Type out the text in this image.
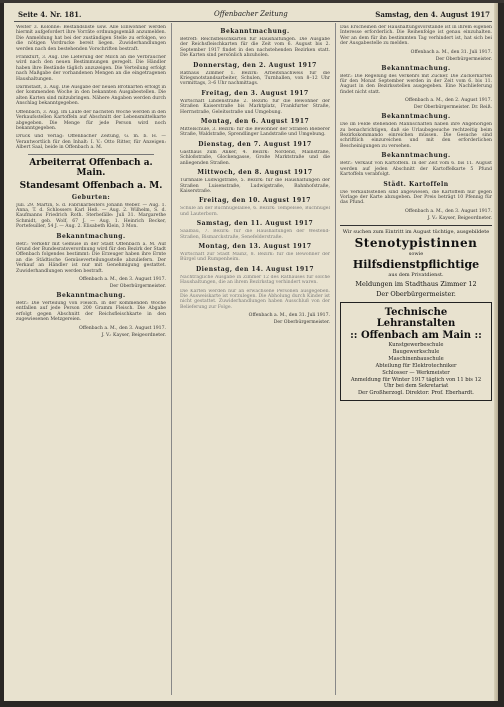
Seite 4. Nr. 181.	Offenbacher Zeitung	Samstag, den 4. August 1917

Weiter 3. Kolonne: Bestandsliste usw. Alle Einwohner werden hiermit aufgefordert ihre Vorräte ordnungsgemäß anzumelden. Die Anmeldung hat bei der zuständigen Stelle zu erfolgen, wo die nötigen Vordrucke bereit liegen. Zuwiderhandlungen werden nach den bestehenden Vorschriften bestraft.

Frankfurt, 3. Aug. Die Lieferung der Milch an die Verbraucher wird nach den neuen Bestimmungen geregelt. Die Händler haben ihre Bestände täglich anzuzeigen. Die Verteilung erfolgt nach Maßgabe der vorhandenen Mengen an die eingetragenen Haushaltungen.

Darmstadt, 3. Aug. Die Ausgabe der neuen Brotkarten erfolgt in der kommenden Woche in den bekannten Ausgabestellen. Die alten Karten sind mitzubringen. Nähere Angaben werden durch Anschlag bekanntgegeben.

Offenbach, 3. Aug. Im Laufe der nächsten Woche werden in den Verkaufsstellen Kartoffeln auf Abschnitt der Lebensmittelkarte abgegeben. Die Menge für jede Person wird noch bekanntgegeben.

Druck und Verlag: Offenbacher Zeitung, G. m. b. H. — Verantwortlich für den Inhalt: I. V.: Otto Ritter, für Anzeigen: Albert Saal, beide in Offenbach a. M.

Arbeiterrat Offenbach a. Main.
Standesamt Offenbach a. M.
Geburten:

Juli. 29. Martin, S. d. Fabrikarbeiters Johann Weber. — Aug. 1. Anna, T. d. Schlossers Karl Heß. — Aug. 2. Wilhelm, S. d. Kaufmanns Friedrich Roth. Sterbefälle: Juli 31. Margarethe Schmidt, geb. Wolf, 67 J. — Aug. 1. Heinrich Becker, Portefeuiller, 54 J. — Aug. 2. Elisabeth Klein, 3 Mon.

Bekanntmachung.

Betr.: Verkehr mit Gemüse in der Stadt Offenbach a. M. Auf Grund der Bundesratsverordnung wird für den Bezirk der Stadt Offenbach folgendes bestimmt: Die Erzeuger haben ihre Ernte an die Städtische Gemüseverteilungsstelle abzuliefern. Der Verkauf an Händler ist nur mit Genehmigung gestattet. Zuwiderhandlungen werden bestraft.

Offenbach a. M., den 3. August 1917.
Der Oberbürgermeister.
Bekanntmachung.

Betr.: Die Verteilung von Fleisch. In der kommenden Woche entfallen auf jede Person 200 Gramm Fleisch. Die Abgabe erfolgt gegen Abschnitt der Reichsfleischkarte in den zugewiesenen Metzgereien.

Offenbach a. M., den 3. August 1917.
J. V.: Kayser, Beigeordneter.
Bekanntmachung.

Betreff: Reichsfleischkarten für Haushaltungen. Die Ausgabe der Reichsfleischkarten für die Zeit vom 6. August bis 2. September 1917 findet in den nachstehenden Bezirken statt. Die Karten sind persönlich abzuholen.

Donnerstag, den 2. August 1917

Rathaus Zimmer 1. Bezirk: Arbeitsnachweis für die Kriegsnotstandsarbeiter, Schulen, Turnhallen, von 8–12 Uhr vormittags, 3–6 Uhr nachmittags.

Freitag, den 3. August 1917

Wirtschaft Lindenstraße 2. Bezirk: für die Bewohner der Straßen Kaiserstraße bis Marktplatz, Frankfurter Straße, Herrnstraße, Geleitsstraße und Umgebung.

Montag, den 6. August 1917

Mittelschule, 3. Bezirk: für die Bewohner der Straßen Bieberer Straße, Waldstraße, Sprendlinger Landstraße und Umgebung.

Dienstag, den 7. August 1917

Gasthaus zum Anker, 4. Bezirk: Nordend, Mainstraße, Schloßstraße, Glockengasse, Große Marktstraße und die anliegenden Straßen.

Mittwoch, den 8. August 1917

Turnhalle Ludwigstraße, 5. Bezirk: für die Haushaltungen der Straßen Luisenstraße, Ludwigstraße, Bahnhofstraße, Kaiserstraße.

Freitag, den 10. August 1917

Schule an der Buchhügelallee, 6. Bezirk: Tempelsee, Buchhügel und Lauterborn.

Samstag, den 11. August 1917

Saalbau, 7. Bezirk: für die Haushaltungen der Westend-Straßen, Bismarckstraße, Senefelderstraße.

Montag, den 13. August 1917

Wirtschaft zur Stadt Mainz, 8. Bezirk: für die Bewohner der Bürgel und Rumpenheim.

Dienstag, den 14. August 1917

Nachträgliche Ausgabe in Zimmer 12 des Rathauses für solche Haushaltungen, die an ihrem Bezirkstag verhindert waren.

Die Karten werden nur an erwachsene Personen ausgegeben. Die Ausweiskarte ist vorzulegen. Die Abholung durch Kinder ist nicht gestattet. Zuwiderhandlungen haben Ausschluß von der Belieferung zur Folge.

Offenbach a. M., den 31. Juli 1917.
Der Oberbürgermeister.

Das Erscheinen der Haushaltungsvorstände ist in ihrem eigenen Interesse erforderlich. Die Reihenfolge ist genau einzuhalten. Wer an dem für ihn bestimmten Tag verhindert ist, hat sich bei der Ausgabestelle zu melden.

Offenbach a. M., den 31. Juli 1917.
Der Oberbürgermeister.
Bekanntmachung.

Betr.: Die Regelung des Verkehrs mit Zucker. Die Zuckerkarten für den Monat September werden in der Zeit vom 6. bis 11. August in den Bezirksstellen ausgegeben. Eine Nachlieferung findet nicht statt.

Offenbach a. M., den 2. August 1917.
Der Oberbürgermeister. Dr. Reiß.
Bekanntmachung.

Die im Felde stehenden Mannschaften haben ihre Angehörigen zu benachrichtigen, daß sie Urlaubsgesuche rechtzeitig beim Bezirkskommando einreichen müssen. Die Gesuche sind schriftlich einzureichen und mit den erforderlichen Bescheinigungen zu versehen.

Bekanntmachung.

Betr.: Verkauf von Kartoffeln. In der Zeit vom 6. bis 11. August werden auf jeden Abschnitt der Kartoffelkarte 5 Pfund Kartoffeln verabfolgt.

Städt. Kartoffeln

Die Verkaufsstellen sind angewiesen, die Kartoffeln nur gegen Vorlage der Karte abzugeben. Der Preis beträgt 10 Pfennig für das Pfund.

Offenbach a. M., den 3. August 1917.
J. V.: Kayser, Beigeordneter.
Wir suchen zum Eintritt im August tüchtige, ausgebildete
Stenotypistinnen
sowie
Hilfsdienstpflichtige
aus dem Privatdienst.
Meldungen im Stadthaus Zimmer 12
Der Oberbürgermeister.
Technische Lehranstalten
:: Offenbach am Main ::
Kunstgewerbeschule
Baugewerkschule
Maschinenbauschule
Abteilung für Elektrotechniker
Schlosser — Werkmeister
Anmeldung für Winter 1917 täglich von 11 bis 12 Uhr bei dem Sekretariat
Der Großherzogl. Direktor: Prof. Eberhardt.
